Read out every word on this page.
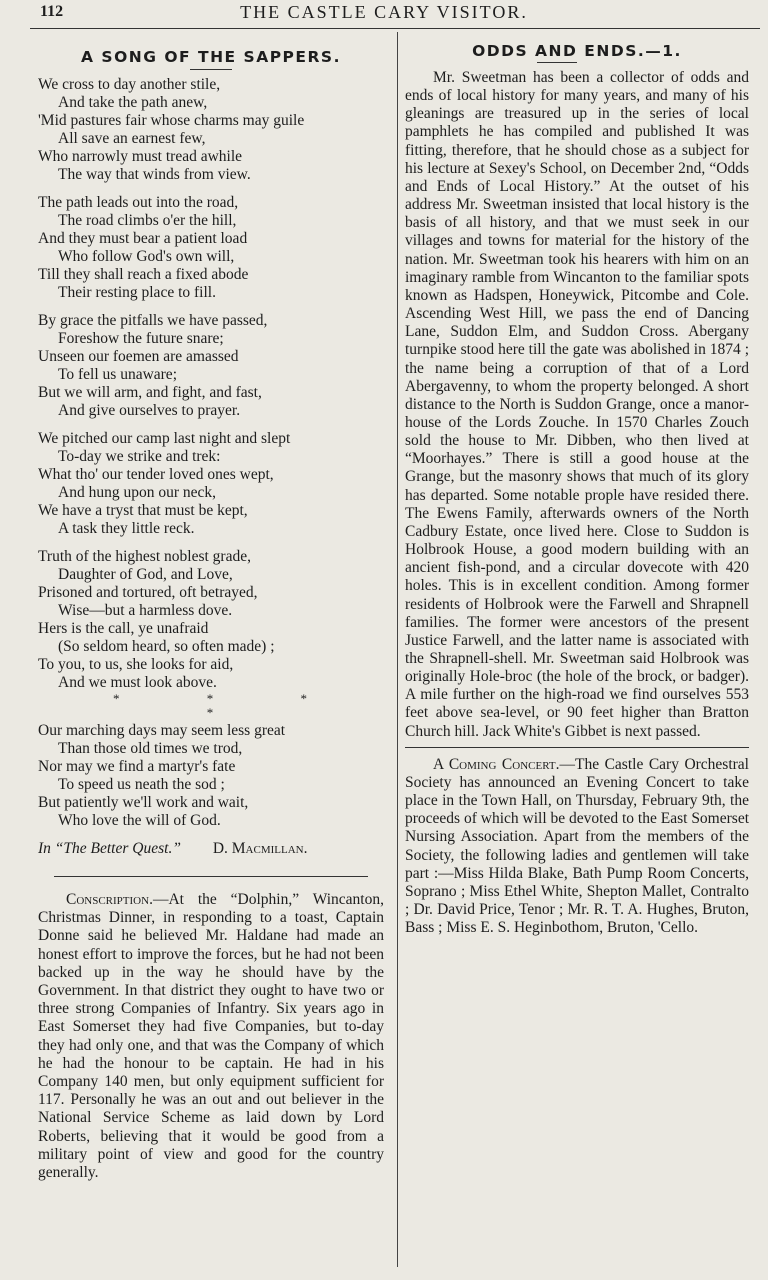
112	THE CASTLE CARY VISITOR.
A SONG OF THE SAPPERS.
We cross to day another stile,
And take the path anew,
'Mid pastures fair whose charms may guile
All save an earnest few,
Who narrowly must tread awhile
The way that winds from view.
The path leads out into the road,
The road climbs o'er the hill,
And they must bear a patient load
Who follow God's own will,
Till they shall reach a fixed abode
Their resting place to fill.
By grace the pitfalls we have passed,
Foreshow the future snare;
Unseen our foemen are amassed
To fell us unaware;
But we will arm, and fight, and fast,
And give ourselves to prayer.
We pitched our camp last night and slept
To-day we strike and trek:
What tho' our tender loved ones wept,
And hung upon our neck,
We have a tryst that must be kept,
A task they little reck.
Truth of the highest noblest grade,
Daughter of God, and Love,
Prisoned and tortured, oft betrayed,
Wise—but a harmless dove.
Hers is the call, ye unafraid
(So seldom heard, so often made) ;
To you, to us, she looks for aid,
And we must look above.
* * * *
Our marching days may seem less great
Than those old times we trod,
Nor may we find a martyr's fate
To speed us neath the sod ;
But patiently we'll work and wait,
Who love the will of God.
In “The Better Quest.” D. Macmillan.

Conscription.—At the “Dolphin,” Wincanton, Christmas Dinner, in responding to a toast, Captain Donne said he believed Mr. Haldane had made an honest effort to improve the forces, but he had not been backed up in the way he should have by the Government. In that district they ought to have two or three strong Companies of Infantry. Six years ago in East Somerset they had five Companies, but to-day they had only one, and that was the Company of which he had the honour to be captain. He had in his Company 140 men, but only equipment sufficient for 117. Personally he was an out and out believer in the National Service Scheme as laid down by Lord Roberts, believing that it would be good from a military point of view and good for the country generally.

ODDS AND ENDS.—1.

Mr. Sweetman has been a collector of odds and ends of local history for many years, and many of his gleanings are treasured up in the series of local pamphlets he has compiled and published It was fitting, therefore, that he should chose as a subject for his lecture at Sexey's School, on December 2nd, “Odds and Ends of Local History.” At the outset of his address Mr. Sweetman insisted that local history is the basis of all history, and that we must seek in our villages and towns for material for the history of the nation. Mr. Sweetman took his hearers with him on an imaginary ramble from Wincanton to the familiar spots known as Hadspen, Honeywick, Pitcombe and Cole. Ascending West Hill, we pass the end of Dancing Lane, Suddon Elm, and Suddon Cross. Abergany turnpike stood here till the gate was abolished in 1874 ; the name being a corruption of that of a Lord Abergavenny, to whom the property belonged. A short distance to the North is Suddon Grange, once a manor-house of the Lords Zouche. In 1570 Charles Zouch sold the house to Mr. Dibben, who then lived at “Moorhayes.” There is still a good house at the Grange, but the masonry shows that much of its glory has departed. Some notable prople have resided there. The Ewens Family, afterwards owners of the North Cadbury Estate, once lived here. Close to Suddon is Holbrook House, a good modern building with an ancient fish-pond, and a circular dovecote with 420 holes. This is in excellent condition. Among former residents of Holbrook were the Farwell and Shrapnell families. The former were ancestors of the present Justice Farwell, and the latter name is associated with the Shrapnell-shell. Mr. Sweetman said Holbrook was originally Hole-broc (the hole of the brock, or badger). A mile further on the high-road we find ourselves 553 feet above sea-level, or 90 feet higher than Bratton Church hill. Jack White's Gibbet is next passed.

A Coming Concert.—The Castle Cary Orchestral Society has announced an Evening Concert to take place in the Town Hall, on Thursday, February 9th, the proceeds of which will be devoted to the East Somerset Nursing Association. Apart from the members of the Society, the following ladies and gentlemen will take part :—Miss Hilda Blake, Bath Pump Room Concerts, Soprano ; Miss Ethel White, Shepton Mallet, Contralto ; Dr. David Price, Tenor ; Mr. R. T. A. Hughes, Bruton, Bass ; Miss E. S. Heginbothom, Bruton, 'Cello.
